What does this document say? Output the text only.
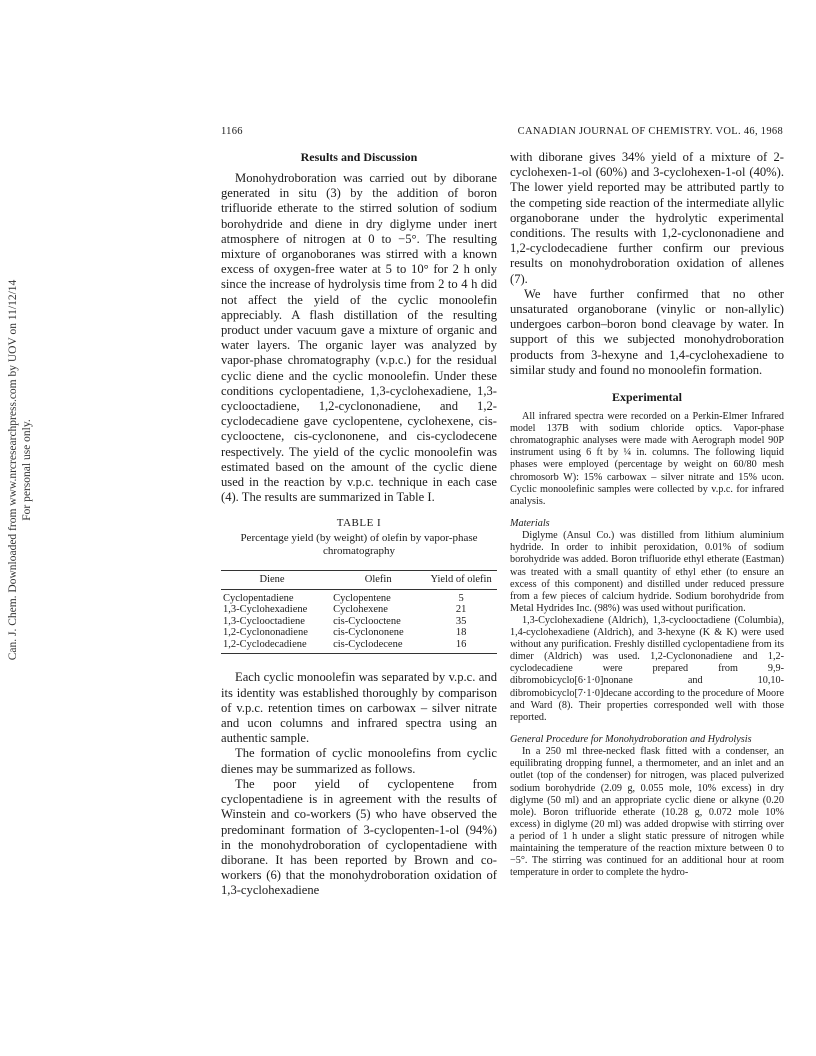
Can. J. Chem. Downloaded from www.nrcresearchpress.com by UOV on 11/12/14 For personal use only.
1166	CANADIAN JOURNAL OF CHEMISTRY. VOL. 46, 1968
Results and Discussion

Monohydroboration was carried out by diborane generated in situ (3) by the addition of boron trifluoride etherate to the stirred solution of sodium borohydride and diene in dry diglyme under inert atmosphere of nitrogen at 0 to −5°. The resulting mixture of organoboranes was stirred with a known excess of oxygen-free water at 5 to 10° for 2 h only since the increase of hydrolysis time from 2 to 4 h did not affect the yield of the cyclic monoolefin appreciably. A flash distillation of the resulting product under vacuum gave a mixture of organic and water layers. The organic layer was analyzed by vapor-phase chromatography (v.p.c.) for the residual cyclic diene and the cyclic monoolefin. Under these conditions cyclopentadiene, 1,3-cyclohexadiene, 1,3-cyclooctadiene, 1,2-cyclononadiene, and 1,2-cyclodecadiene gave cyclopentene, cyclohexene, cis-cyclooctene, cis-cyclononene, and cis-cyclodecene respectively. The yield of the cyclic monoolefin was estimated based on the amount of the cyclic diene used in the reaction by v.p.c. technique in each case (4). The results are summarized in Table I.

TABLE I
Percentage yield (by weight) of olefin by vapor-phase chromatography
Diene	Olefin	Yield of olefin
Cyclopentadiene	Cyclopentene	5
1,3-Cyclohexadiene	Cyclohexene	21
1,3-Cyclooctadiene	cis-Cyclooctene	35
1,2-Cyclononadiene	cis-Cyclononene	18
1,2-Cyclodecadiene	cis-Cyclodecene	16

Each cyclic monoolefin was separated by v.p.c. and its identity was established thoroughly by comparison of v.p.c. retention times on carbowax – silver nitrate and ucon columns and infrared spectra using an authentic sample.

The formation of cyclic monoolefins from cyclic dienes may be summarized as follows.

The poor yield of cyclopentene from cyclopentadiene is in agreement with the results of Winstein and co-workers (5) who have observed the predominant formation of 3-cyclopenten-1-ol (94%) in the monohydroboration of cyclopentadiene with diborane. It has been reported by Brown and co-workers (6) that the monohydroboration oxidation of 1,3-cyclohexadiene

with diborane gives 34% yield of a mixture of 2-cyclohexen-1-ol (60%) and 3-cyclohexen-1-ol (40%). The lower yield reported may be attributed partly to the competing side reaction of the intermediate allylic organoborane under the hydrolytic experimental conditions. The results with 1,2-cyclononadiene and 1,2-cyclodecadiene further confirm our previous results on monohydroboration oxidation of allenes (7).

We have further confirmed that no other unsaturated organoborane (vinylic or non-allylic) undergoes carbon–boron bond cleavage by water. In support of this we subjected monohydroboration products from 3-hexyne and 1,4-cyclohexadiene to similar study and found no monoolefin formation.

Experimental

All infrared spectra were recorded on a Perkin-Elmer Infrared model 137B with sodium chloride optics. Vapor-phase chromatographic analyses were made with Aerograph model 90P instrument using 6 ft by ¼ in. columns. The following liquid phases were employed (percentage by weight on 60/80 mesh chromosorb W): 15% carbowax – silver nitrate and 15% ucon. Cyclic monoolefinic samples were collected by v.p.c. for infrared analysis.

Materials

Diglyme (Ansul Co.) was distilled from lithium aluminium hydride. In order to inhibit peroxidation, 0.01% of sodium borohydride was added. Boron trifluoride ethyl etherate (Eastman) was treated with a small quantity of ethyl ether (to ensure an excess of this component) and distilled under reduced pressure from a few pieces of calcium hydride. Sodium borohydride from Metal Hydrides Inc. (98%) was used without purification.

1,3-Cyclohexadiene (Aldrich), 1,3-cyclooctadiene (Columbia), 1,4-cyclohexadiene (Aldrich), and 3-hexyne (K & K) were used without any purification. Freshly distilled cyclopentadiene from its dimer (Aldrich) was used. 1,2-Cyclononadiene and 1,2-cyclodecadiene were prepared from 9,9-dibromobicyclo[6·1·0]nonane and 10,10-dibromobicyclo[7·1·0]decane according to the procedure of Moore and Ward (8). Their properties corresponded well with those reported.

General Procedure for Monohydroboration and Hydrolysis

In a 250 ml three-necked flask fitted with a condenser, an equilibrating dropping funnel, a thermometer, and an inlet and an outlet (top of the condenser) for nitrogen, was placed pulverized sodium borohydride (2.09 g, 0.055 mole, 10% excess) in dry diglyme (50 ml) and an appropriate cyclic diene or alkyne (0.20 mole). Boron trifluoride etherate (10.28 g, 0.072 mole 10% excess) in diglyme (20 ml) was added dropwise with stirring over a period of 1 h under a slight static pressure of nitrogen while maintaining the temperature of the reaction mixture between 0 to −5°. The stirring was continued for an additional hour at room temperature in order to complete the hydro-
